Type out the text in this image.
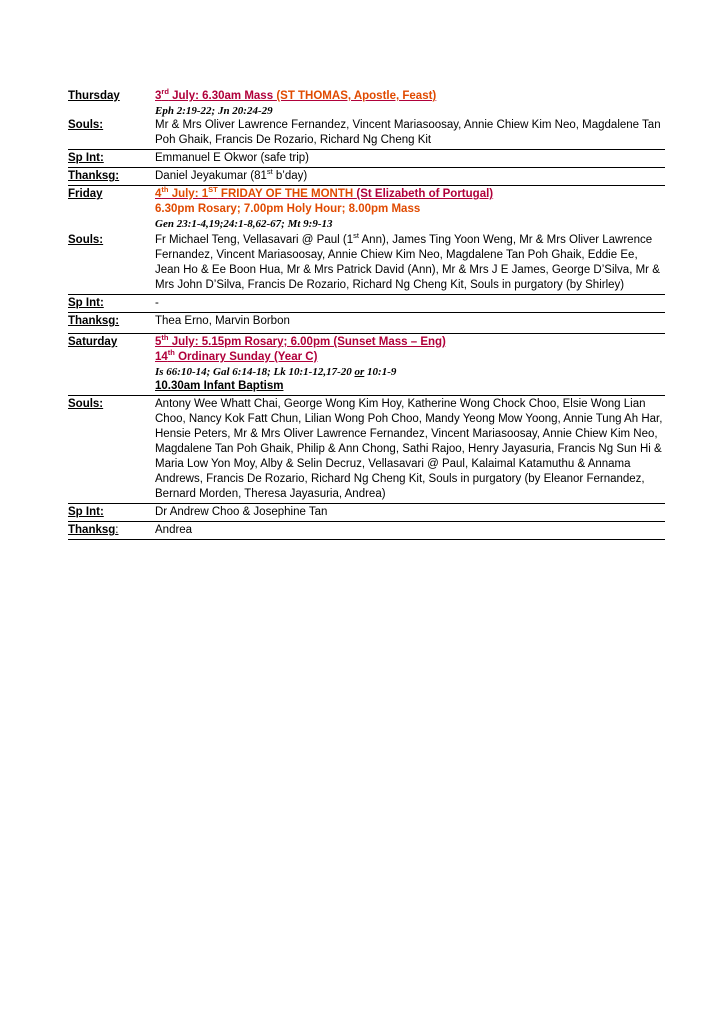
Thursday	3rd July: 6.30am Mass (ST THOMAS, Apostle, Feast)
Eph 2:19-22; Jn 20:24-29
Souls:	Mr & Mrs Oliver Lawrence Fernandez, Vincent Mariasoosay, Annie Chiew Kim Neo, Magdalene Tan Poh Ghaik, Francis De Rozario, Richard Ng Cheng Kit
Sp Int:	Emmanuel E Okwor (safe trip)
Thanksg:	Daniel Jeyakumar (81st b’day)
Friday	4th July: 1ST FRIDAY OF THE MONTH (St Elizabeth of Portugal)
6.30pm Rosary; 7.00pm Holy Hour; 8.00pm Mass
Gen 23:1-4,19;24:1-8,62-67; Mt 9:9-13
Souls:	Fr Michael Teng, Vellasavari @ Paul (1st Ann), James Ting Yoon Weng, Mr & Mrs Oliver Lawrence Fernandez, Vincent Mariasoosay, Annie Chiew Kim Neo, Magdalene Tan Poh Ghaik, Eddie Ee, Jean Ho & Ee Boon Hua, Mr & Mrs Patrick David (Ann), Mr & Mrs J E James, George D’Silva, Mr & Mrs John D’Silva, Francis De Rozario, Richard Ng Cheng Kit, Souls in purgatory (by Shirley)
Sp Int:	-
Thanksg:	Thea Erno, Marvin Borbon
Saturday	5th July: 5.15pm Rosary; 6.00pm (Sunset Mass – Eng)
14th Ordinary Sunday (Year C)
Is 66:10-14; Gal 6:14-18; Lk 10:1-12,17-20 or 10:1-9
10.30am Infant Baptism
Souls:	Antony Wee Whatt Chai, George Wong Kim Hoy, Katherine Wong Chock Choo, Elsie Wong Lian Choo, Nancy Kok Fatt Chun, Lilian Wong Poh Choo, Mandy Yeong Mow Yoong, Annie Tung Ah Har, Hensie Peters, Mr & Mrs Oliver Lawrence Fernandez, Vincent Mariasoosay, Annie Chiew Kim Neo, Magdalene Tan Poh Ghaik, Philip & Ann Chong, Sathi Rajoo, Henry Jayasuria, Francis Ng Sun Hi & Maria Low Yon Moy, Alby & Selin Decruz, Vellasavari @ Paul, Kalaimal Katamuthu & Annama Andrews, Francis De Rozario, Richard Ng Cheng Kit, Souls in purgatory (by Eleanor Fernandez, Bernard Morden, Theresa Jayasuria, Andrea)
Sp Int:	Dr Andrew Choo & Josephine Tan
Thanksg:	Andrea
